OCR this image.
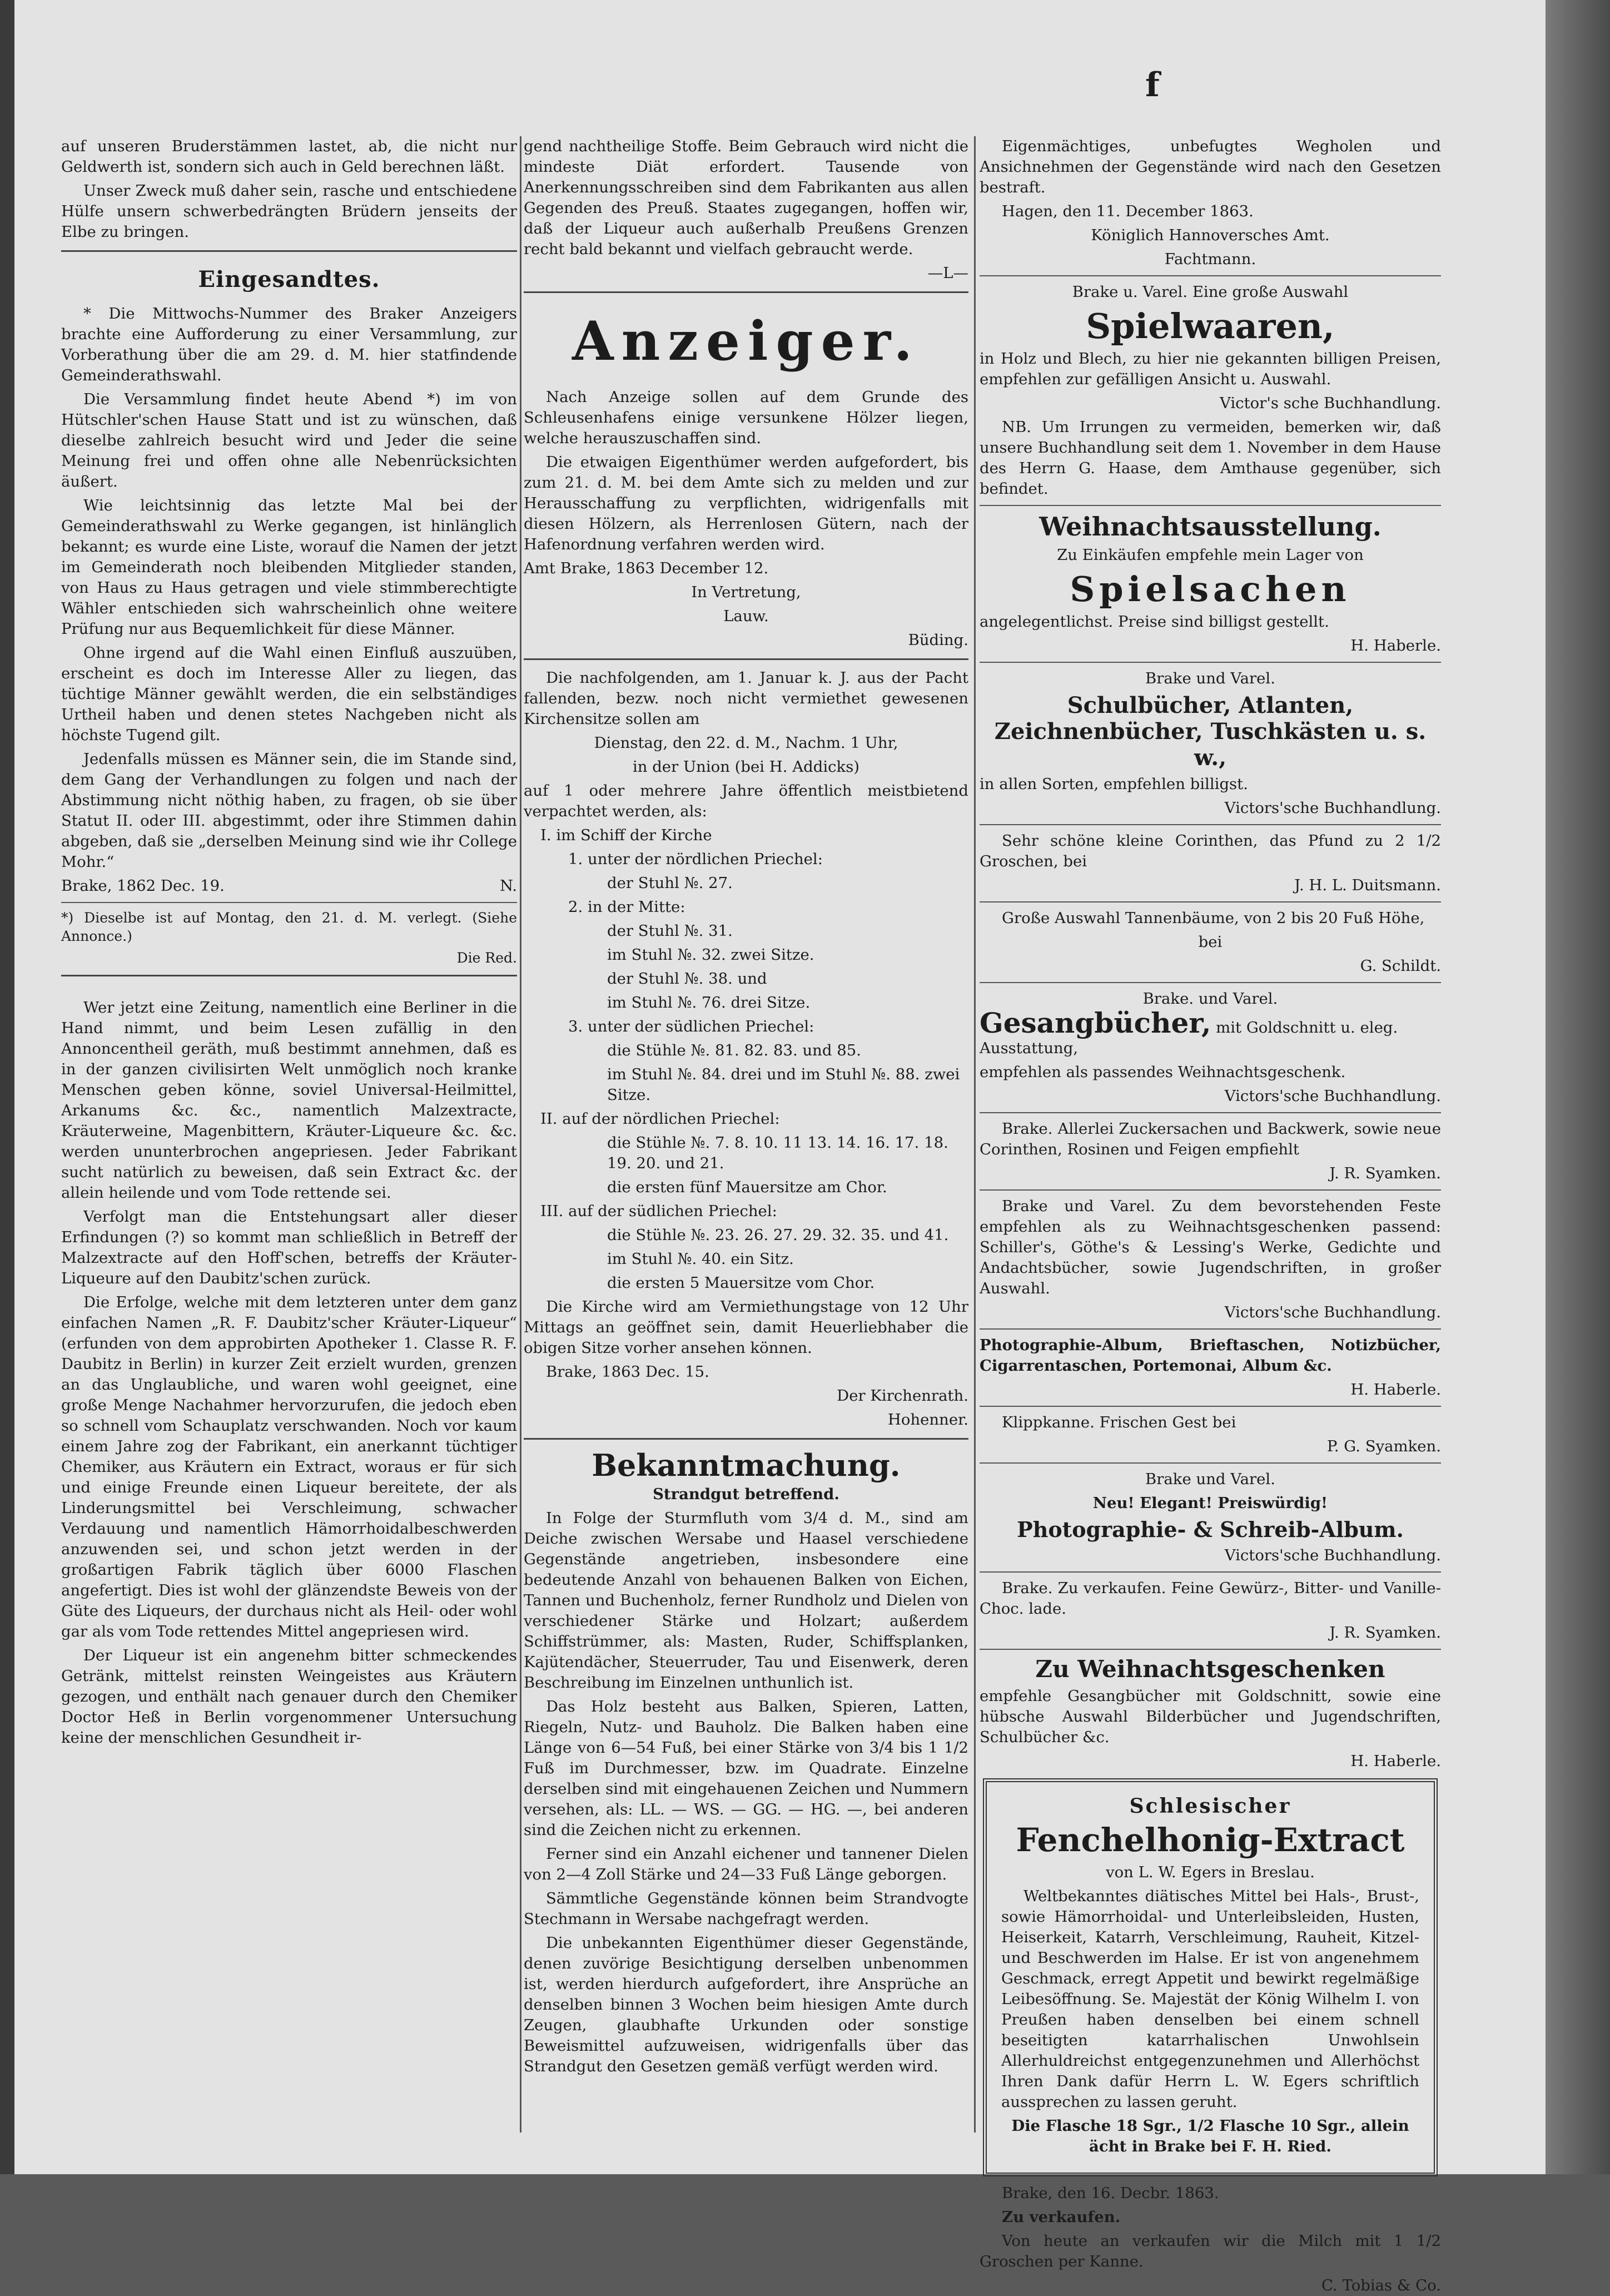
f

auf unseren Bruderstämmen lastet, ab, die nicht nur Geldwerth ist, sondern sich auch in Geld berechnen läßt.

Unser Zweck muß daher sein, rasche und entschiedene Hülfe unsern schwerbedrängten Brüdern jenseits der Elbe zu bringen.

Eingesandtes.

* Die Mittwochs-Nummer des Braker Anzeigers brachte eine Aufforderung zu einer Versammlung, zur Vorberathung über die am 29. d. M. hier statfindende Gemeinderathswahl.

Die Versammlung findet heute Abend *) im von Hütschler'schen Hause Statt und ist zu wünschen, daß dieselbe zahlreich besucht wird und Jeder die seine Meinung frei und offen ohne alle Nebenrücksichten äußert.

Wie leichtsinnig das letzte Mal bei der Gemeinderathswahl zu Werke gegangen, ist hinlänglich bekannt; es wurde eine Liste, worauf die Namen der jetzt im Gemeinderath noch bleibenden Mitglieder standen, von Haus zu Haus getragen und viele stimmberechtigte Wähler entschieden sich wahrscheinlich ohne weitere Prüfung nur aus Bequemlichkeit für diese Männer.

Ohne irgend auf die Wahl einen Einfluß auszuüben, erscheint es doch im Interesse Aller zu liegen, das tüchtige Männer gewählt werden, die ein selbständiges Urtheil haben und denen stetes Nachgeben nicht als höchste Tugend gilt.

Jedenfalls müssen es Männer sein, die im Stande sind, dem Gang der Verhandlungen zu folgen und nach der Abstimmung nicht nöthig haben, zu fragen, ob sie über Statut II. oder III. abgestimmt, oder ihre Stimmen dahin abgeben, daß sie „derselben Meinung sind wie ihr College Mohr.“

Brake, 1862 Dec. 19.	N.

*) Dieselbe ist auf Montag, den 21. d. M. verlegt. (Siehe Annonce.)

Die Red.

Wer jetzt eine Zeitung, namentlich eine Berliner in die Hand nimmt, und beim Lesen zufällig in den Annoncentheil geräth, muß bestimmt annehmen, daß es in der ganzen civilisirten Welt unmöglich noch kranke Menschen geben könne, soviel Universal-Heilmittel, Arkanums &c. &c., namentlich Malzextracte, Kräuterweine, Magenbittern, Kräuter-Liqueure &c. &c. werden ununterbrochen angepriesen. Jeder Fabrikant sucht natürlich zu beweisen, daß sein Extract &c. der allein heilende und vom Tode rettende sei.

Verfolgt man die Entstehungsart aller dieser Erfindungen (?) so kommt man schließlich in Betreff der Malzextracte auf den Hoff'schen, betreffs der Kräuter-Liqueure auf den Daubitz'schen zurück.

Die Erfolge, welche mit dem letzteren unter dem ganz einfachen Namen „R. F. Daubitz'scher Kräuter-Liqueur“ (erfunden von dem approbirten Apotheker 1. Classe R. F. Daubitz in Berlin) in kurzer Zeit erzielt wurden, grenzen an das Unglaubliche, und waren wohl geeignet, eine große Menge Nachahmer hervorzurufen, die jedoch eben so schnell vom Schauplatz verschwanden. Noch vor kaum einem Jahre zog der Fabrikant, ein anerkannt tüchtiger Chemiker, aus Kräutern ein Extract, woraus er für sich und einige Freunde einen Liqueur bereitete, der als Linderungsmittel bei Verschleimung, schwacher Verdauung und namentlich Hämorrhoidalbeschwerden anzuwenden sei, und schon jetzt werden in der großartigen Fabrik täglich über 6000 Flaschen angefertigt. Dies ist wohl der glänzendste Beweis von der Güte des Liqueurs, der durchaus nicht als Heil- oder wohl gar als vom Tode rettendes Mittel angepriesen wird.

Der Liqueur ist ein angenehm bitter schmeckendes Getränk, mittelst reinsten Weingeistes aus Kräutern gezogen, und enthält nach genauer durch den Chemiker Doctor Heß in Berlin vorgenommener Untersuchung keine der menschlichen Gesundheit ir-

gend nachtheilige Stoffe. Beim Gebrauch wird nicht die mindeste Diät erfordert. Tausende von Anerkennungsschreiben sind dem Fabrikanten aus allen Gegenden des Preuß. Staates zugegangen, hoffen wir, daß der Liqueur auch außerhalb Preußens Grenzen recht bald bekannt und vielfach gebraucht werde.

—L—

Anzeiger.

Nach Anzeige sollen auf dem Grunde des Schleusenhafens einige versunkene Hölzer liegen, welche herauszuschaffen sind.

Die etwaigen Eigenthümer werden aufgefordert, bis zum 21. d. M. bei dem Amte sich zu melden und zur Herausschaffung zu verpflichten, widrigenfalls mit diesen Hölzern, als Herrenlosen Gütern, nach der Hafenordnung verfahren werden wird.

Amt Brake, 1863 December 12.

In Vertretung,

Lauw.

Büding.

Die nachfolgenden, am 1. Januar k. J. aus der Pacht fallenden, bezw. noch nicht vermiethet gewesenen Kirchensitze sollen am

Dienstag, den 22. d. M., Nachm. 1 Uhr,

in der Union (bei H. Addicks)

auf 1 oder mehrere Jahre öffentlich meistbietend verpachtet werden, als:

I. im Schiff der Kirche

1. unter der nördlichen Priechel:

der Stuhl №. 27.

2. in der Mitte:

der Stuhl №. 31.

im Stuhl №. 32. zwei Sitze.

der Stuhl №. 38. und

im Stuhl №. 76. drei Sitze.

3. unter der südlichen Priechel:

die Stühle №. 81. 82. 83. und 85.

im Stuhl №. 84. drei und im Stuhl №. 88. zwei Sitze.

II. auf der nördlichen Priechel:

die Stühle №. 7. 8. 10. 11 13. 14. 16. 17. 18. 19. 20. und 21.

die ersten fünf Mauersitze am Chor.

III. auf der südlichen Priechel:

die Stühle №. 23. 26. 27. 29. 32. 35. und 41.

im Stuhl №. 40. ein Sitz.

die ersten 5 Mauersitze vom Chor.

Die Kirche wird am Vermiethungstage von 12 Uhr Mittags an geöffnet sein, damit Heuerliebhaber die obigen Sitze vorher ansehen können.

Brake, 1863 Dec. 15.

Der Kirchenrath.

Hohenner.

Bekanntmachung.

Strandgut betreffend.

In Folge der Sturmfluth vom 3/4 d. M., sind am Deiche zwischen Wersabe und Haasel verschiedene Gegenstände angetrieben, insbesondere eine bedeutende Anzahl von behauenen Balken von Eichen, Tannen und Buchenholz, ferner Rundholz und Dielen von verschiedener Stärke und Holzart; außerdem Schiffstrümmer, als: Masten, Ruder, Schiffsplanken, Kajütendächer, Steuerruder, Tau und Eisenwerk, deren Beschreibung im Einzelnen unthunlich ist.

Das Holz besteht aus Balken, Spieren, Latten, Riegeln, Nutz- und Bauholz. Die Balken haben eine Länge von 6—54 Fuß, bei einer Stärke von 3/4 bis 1 1/2 Fuß im Durchmesser, bzw. im Quadrate. Einzelne derselben sind mit eingehauenen Zeichen und Nummern versehen, als: LL. — WS. — GG. — HG. —, bei anderen sind die Zeichen nicht zu erkennen.

Ferner sind ein Anzahl eichener und tannener Dielen von 2—4 Zoll Stärke und 24—33 Fuß Länge geborgen.

Sämmtliche Gegenstände können beim Strandvogte Stechmann in Wersabe nachgefragt werden.

Die unbekannten Eigenthümer dieser Gegenstände, denen zuvörige Besichtigung derselben unbenommen ist, werden hierdurch aufgefordert, ihre Ansprüche an denselben binnen 3 Wochen beim hiesigen Amte durch Zeugen, glaubhafte Urkunden oder sonstige Beweismittel aufzuweisen, widrigenfalls über das Strandgut den Gesetzen gemäß verfügt werden wird.

Eigenmächtiges, unbefugtes Wegholen und Ansichnehmen der Gegenstände wird nach den Gesetzen bestraft.

Hagen, den 11. December 1863.

Königlich Hannoversches Amt.

Fachtmann.

Brake u. Varel. Eine große Auswahl

Spielwaaren,

in Holz und Blech, zu hier nie gekannten billigen Preisen, empfehlen zur gefälligen Ansicht u. Auswahl.

Victor's sche Buchhandlung.

NB. Um Irrungen zu vermeiden, bemerken wir, daß unsere Buchhandlung seit dem 1. November in dem Hause des Herrn G. Haase, dem Amthause gegenüber, sich befindet.

Weihnachtsausstellung.

Zu Einkäufen empfehle mein Lager von

Spielsachen

angelegentlichst. Preise sind billigst gestellt.

H. Haberle.

Brake und Varel.

Schulbücher, Atlanten, Zeichnenbücher, Tuschkästen u. s. w.,

in allen Sorten, empfehlen billigst.

Victors'sche Buchhandlung.

Sehr schöne kleine Corinthen, das Pfund zu 2 1/2 Groschen, bei

J. H. L. Duitsmann.

Große Auswahl Tannenbäume, von 2 bis 20 Fuß Höhe,

bei

G. Schildt.

Brake. und Varel.

Gesangbücher, mit Goldschnitt u. eleg. Ausstattung,

empfehlen als passendes Weihnachtsgeschenk.

Victors'sche Buchhandlung.

Brake. Allerlei Zuckersachen und Backwerk, sowie neue Corinthen, Rosinen und Feigen empfiehlt

J. R. Syamken.

Brake und Varel. Zu dem bevorstehenden Feste empfehlen als zu Weihnachtsgeschenken passend: Schiller's, Göthe's & Lessing's Werke, Gedichte und Andachtsbücher, sowie Jugendschriften, in großer Auswahl.

Victors'sche Buchhandlung.

Photographie-Album, Brieftaschen, Notizbücher, Cigarrentaschen, Portemonai, Album &c.

H. Haberle.

Klippkanne. Frischen Gest bei

P. G. Syamken.

Brake und Varel.

Neu! Elegant! Preiswürdig!

Photographie- & Schreib-Album.

Victors'sche Buchhandlung.

Brake. Zu verkaufen. Feine Gewürz-, Bitter- und Vanille-Choc. lade.

J. R. Syamken.

Zu Weihnachtsgeschenken

empfehle Gesangbücher mit Goldschnitt, sowie eine hübsche Auswahl Bilderbücher und Jugendschriften, Schulbücher &c.

H. Haberle.

Schlesischer
Fenchelhonig-Extract

von L. W. Egers in Breslau.

Weltbekanntes diätisches Mittel bei Hals-, Brust-, sowie Hämorrhoidal- und Unterleibsleiden, Husten, Heiserkeit, Katarrh, Verschleimung, Rauheit, Kitzel- und Beschwerden im Halse. Er ist von angenehmem Geschmack, erregt Appetit und bewirkt regelmäßige Leibesöffnung. Se. Majestät der König Wilhelm I. von Preußen haben denselben bei einem schnell beseitigten katarrhalischen Unwohlsein Allerhuldreichst entgegenzunehmen und Allerhöchst Ihren Dank dafür Herrn L. W. Egers schriftlich aussprechen zu lassen geruht.

Die Flasche 18 Sgr., 1/2 Flasche 10 Sgr., allein ächt in Brake bei F. H. Ried.

Brake, den 16. Decbr. 1863.

Zu verkaufen.

Von heute an verkaufen wir die Milch mit 1 1/2 Groschen per Kanne.

C. Tobias & Co.
